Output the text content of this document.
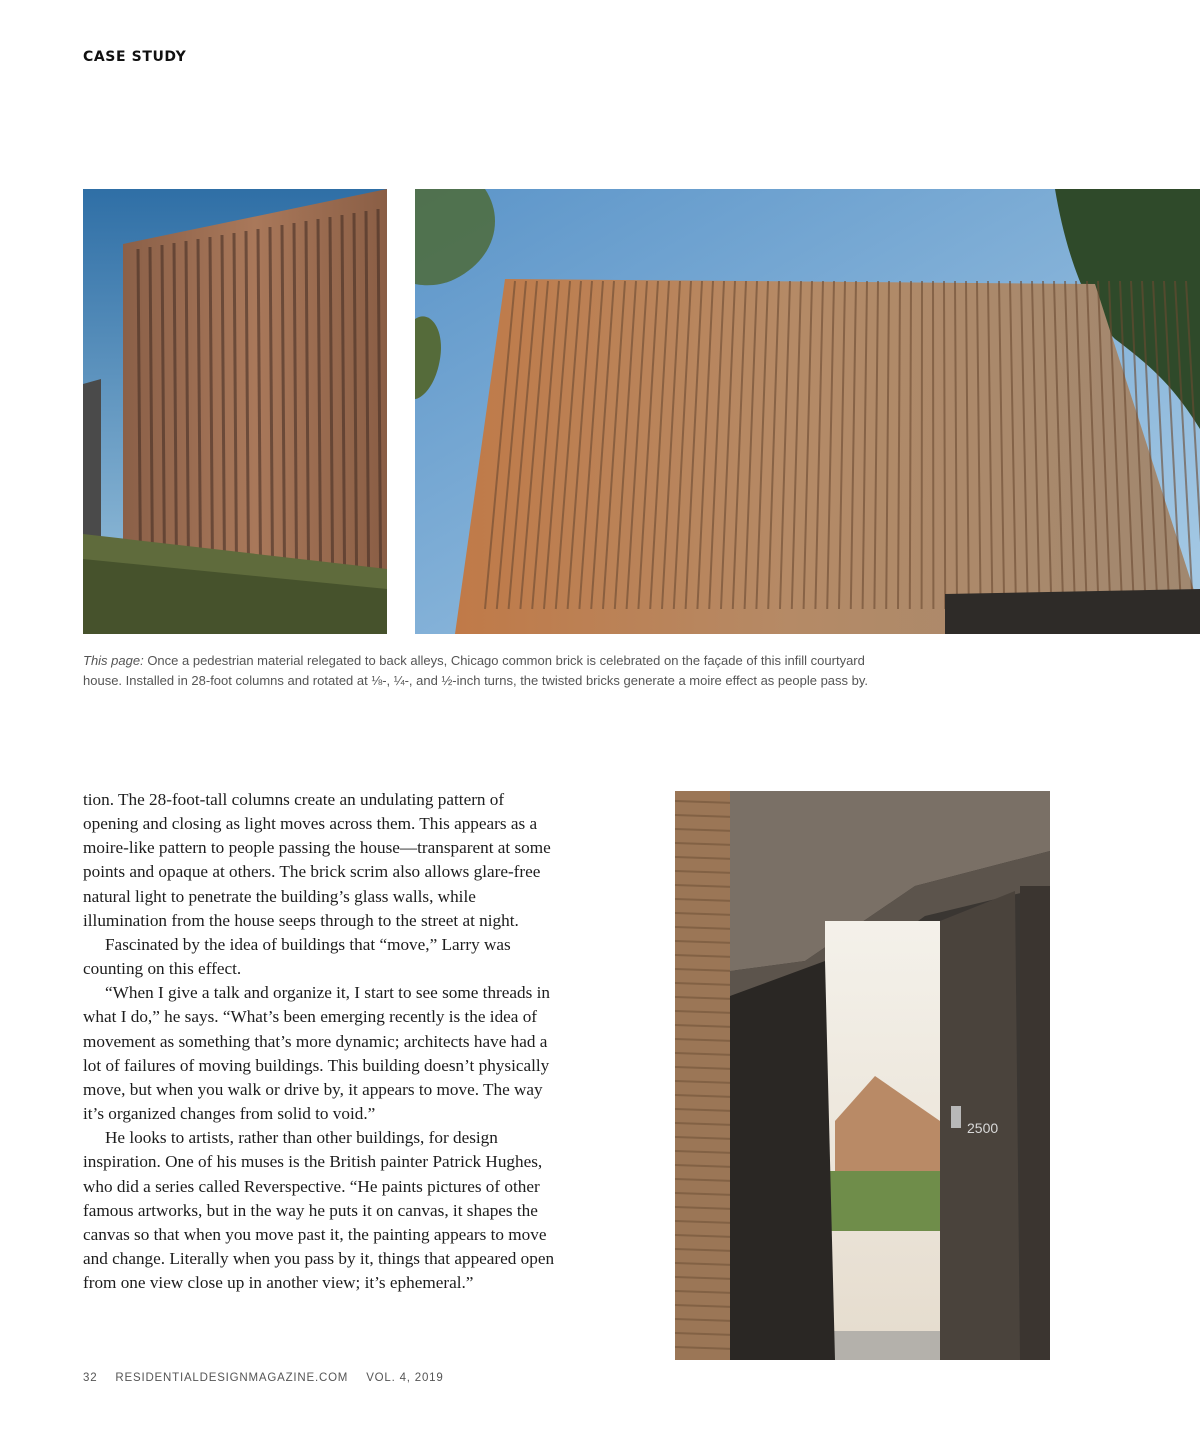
CASE STUDY
This page: Once a pedestrian material relegated to back alleys, Chicago common brick is celebrated on the façade of this infill courtyard house. Installed in 28-foot columns and rotated at ⅛-, ¼-, and ½-inch turns, the twisted bricks generate a moire effect as people pass by.

tion. The 28-foot-tall columns create an undulating pattern of opening and closing as light moves across them. This appears as a moire-like pattern to people passing the house—transparent at some points and opaque at others. The brick scrim also allows glare-free natural light to penetrate the building’s glass walls, while illumination from the house seeps through to the street at night.

Fascinated by the idea of buildings that “move,” Larry was counting on this effect.

“When I give a talk and organize it, I start to see some threads in what I do,” he says. “What’s been emerging recently is the idea of movement as something that’s more dynamic; architects have had a lot of failures of moving buildings. This building doesn’t physically move, but when you walk or drive by, it appears to move. The way it’s organized changes from solid to void.”

He looks to artists, rather than other buildings, for design inspiration. One of his muses is the British painter Patrick Hughes, who did a series called Reverspective. “He paints pictures of other famous artworks, but in the way he puts it on canvas, it shapes the canvas so that when you move past it, the painting appears to move and change. Literally when you pass by it, things that appeared open from one view close up in another view; it’s ephemeral.”

2500
32 RESIDENTIALDESIGNMAGAZINE.COM VOL. 4, 2019
